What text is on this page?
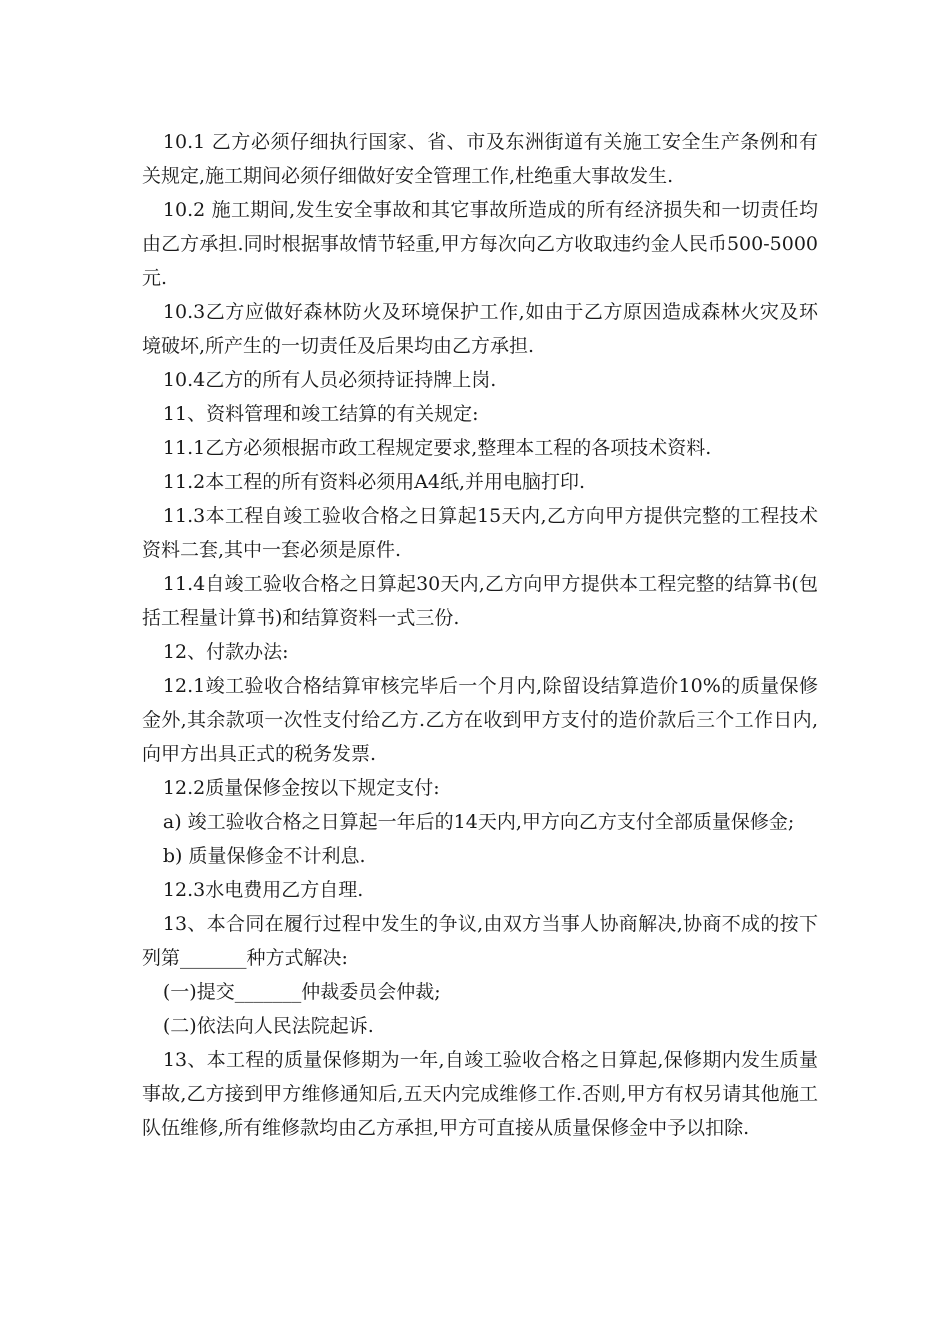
10.1 乙方必须仔细执行国家、省、市及东洲街道有关施工安全生产条例和有关规定,施工期间必须仔细做好安全管理工作,杜绝重大事故发生.

10.2 施工期间,发生安全事故和其它事故所造成的所有经济损失和一切责任均由乙方承担.同时根据事故情节轻重,甲方每次向乙方收取违约金人民币500-5000元.

10.3乙方应做好森林防火及环境保护工作,如由于乙方原因造成森林火灾及环境破坏,所产生的一切责任及后果均由乙方承担.

10.4乙方的所有人员必须持证持牌上岗.

11、资料管理和竣工结算的有关规定:

11.1乙方必须根据市政工程规定要求,整理本工程的各项技术资料.

11.2本工程的所有资料必须用A4纸,并用电脑打印.

11.3本工程自竣工验收合格之日算起15天内,乙方向甲方提供完整的工程技术资料二套,其中一套必须是原件.

11.4自竣工验收合格之日算起30天内,乙方向甲方提供本工程完整的结算书(包括工程量计算书)和结算资料一式三份.

12、付款办法:

12.1竣工验收合格结算审核完毕后一个月内,除留设结算造价10%的质量保修金外,其余款项一次性支付给乙方.乙方在收到甲方支付的造价款后三个工作日内,向甲方出具正式的税务发票.

12.2质量保修金按以下规定支付:

a) 竣工验收合格之日算起一年后的14天内,甲方向乙方支付全部质量保修金;

b) 质量保修金不计利息.

12.3水电费用乙方自理.

13、本合同在履行过程中发生的争议,由双方当事人协商解决,协商不成的按下列第_______种方式解决:

(一)提交_______仲裁委员会仲裁;

(二)依法向人民法院起诉.

13、本工程的质量保修期为一年,自竣工验收合格之日算起,保修期内发生质量事故,乙方接到甲方维修通知后,五天内完成维修工作.否则,甲方有权另请其他施工队伍维修,所有维修款均由乙方承担,甲方可直接从质量保修金中予以扣除.
